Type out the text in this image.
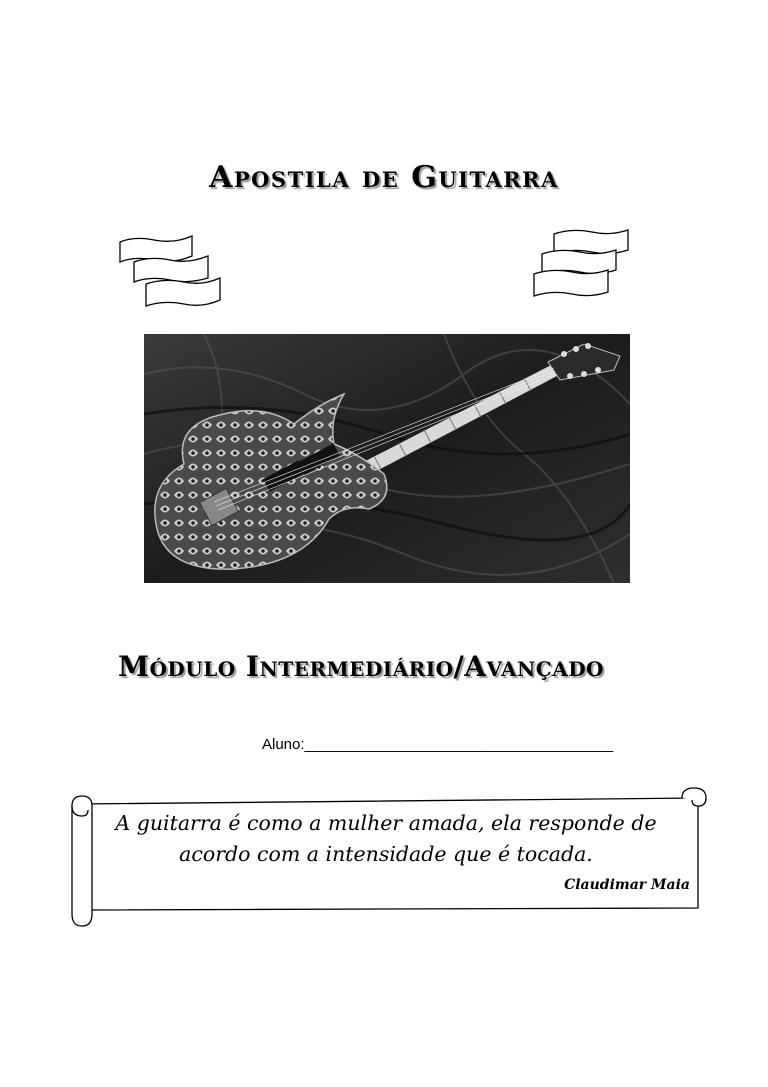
Apostila de Guitarra
Módulo Intermediário/Avançado
Aluno:_____________________________________
A guitarra é como a mulher amada, ela responde de acordo com a intensidade que é tocada.
Claudimar Maia
